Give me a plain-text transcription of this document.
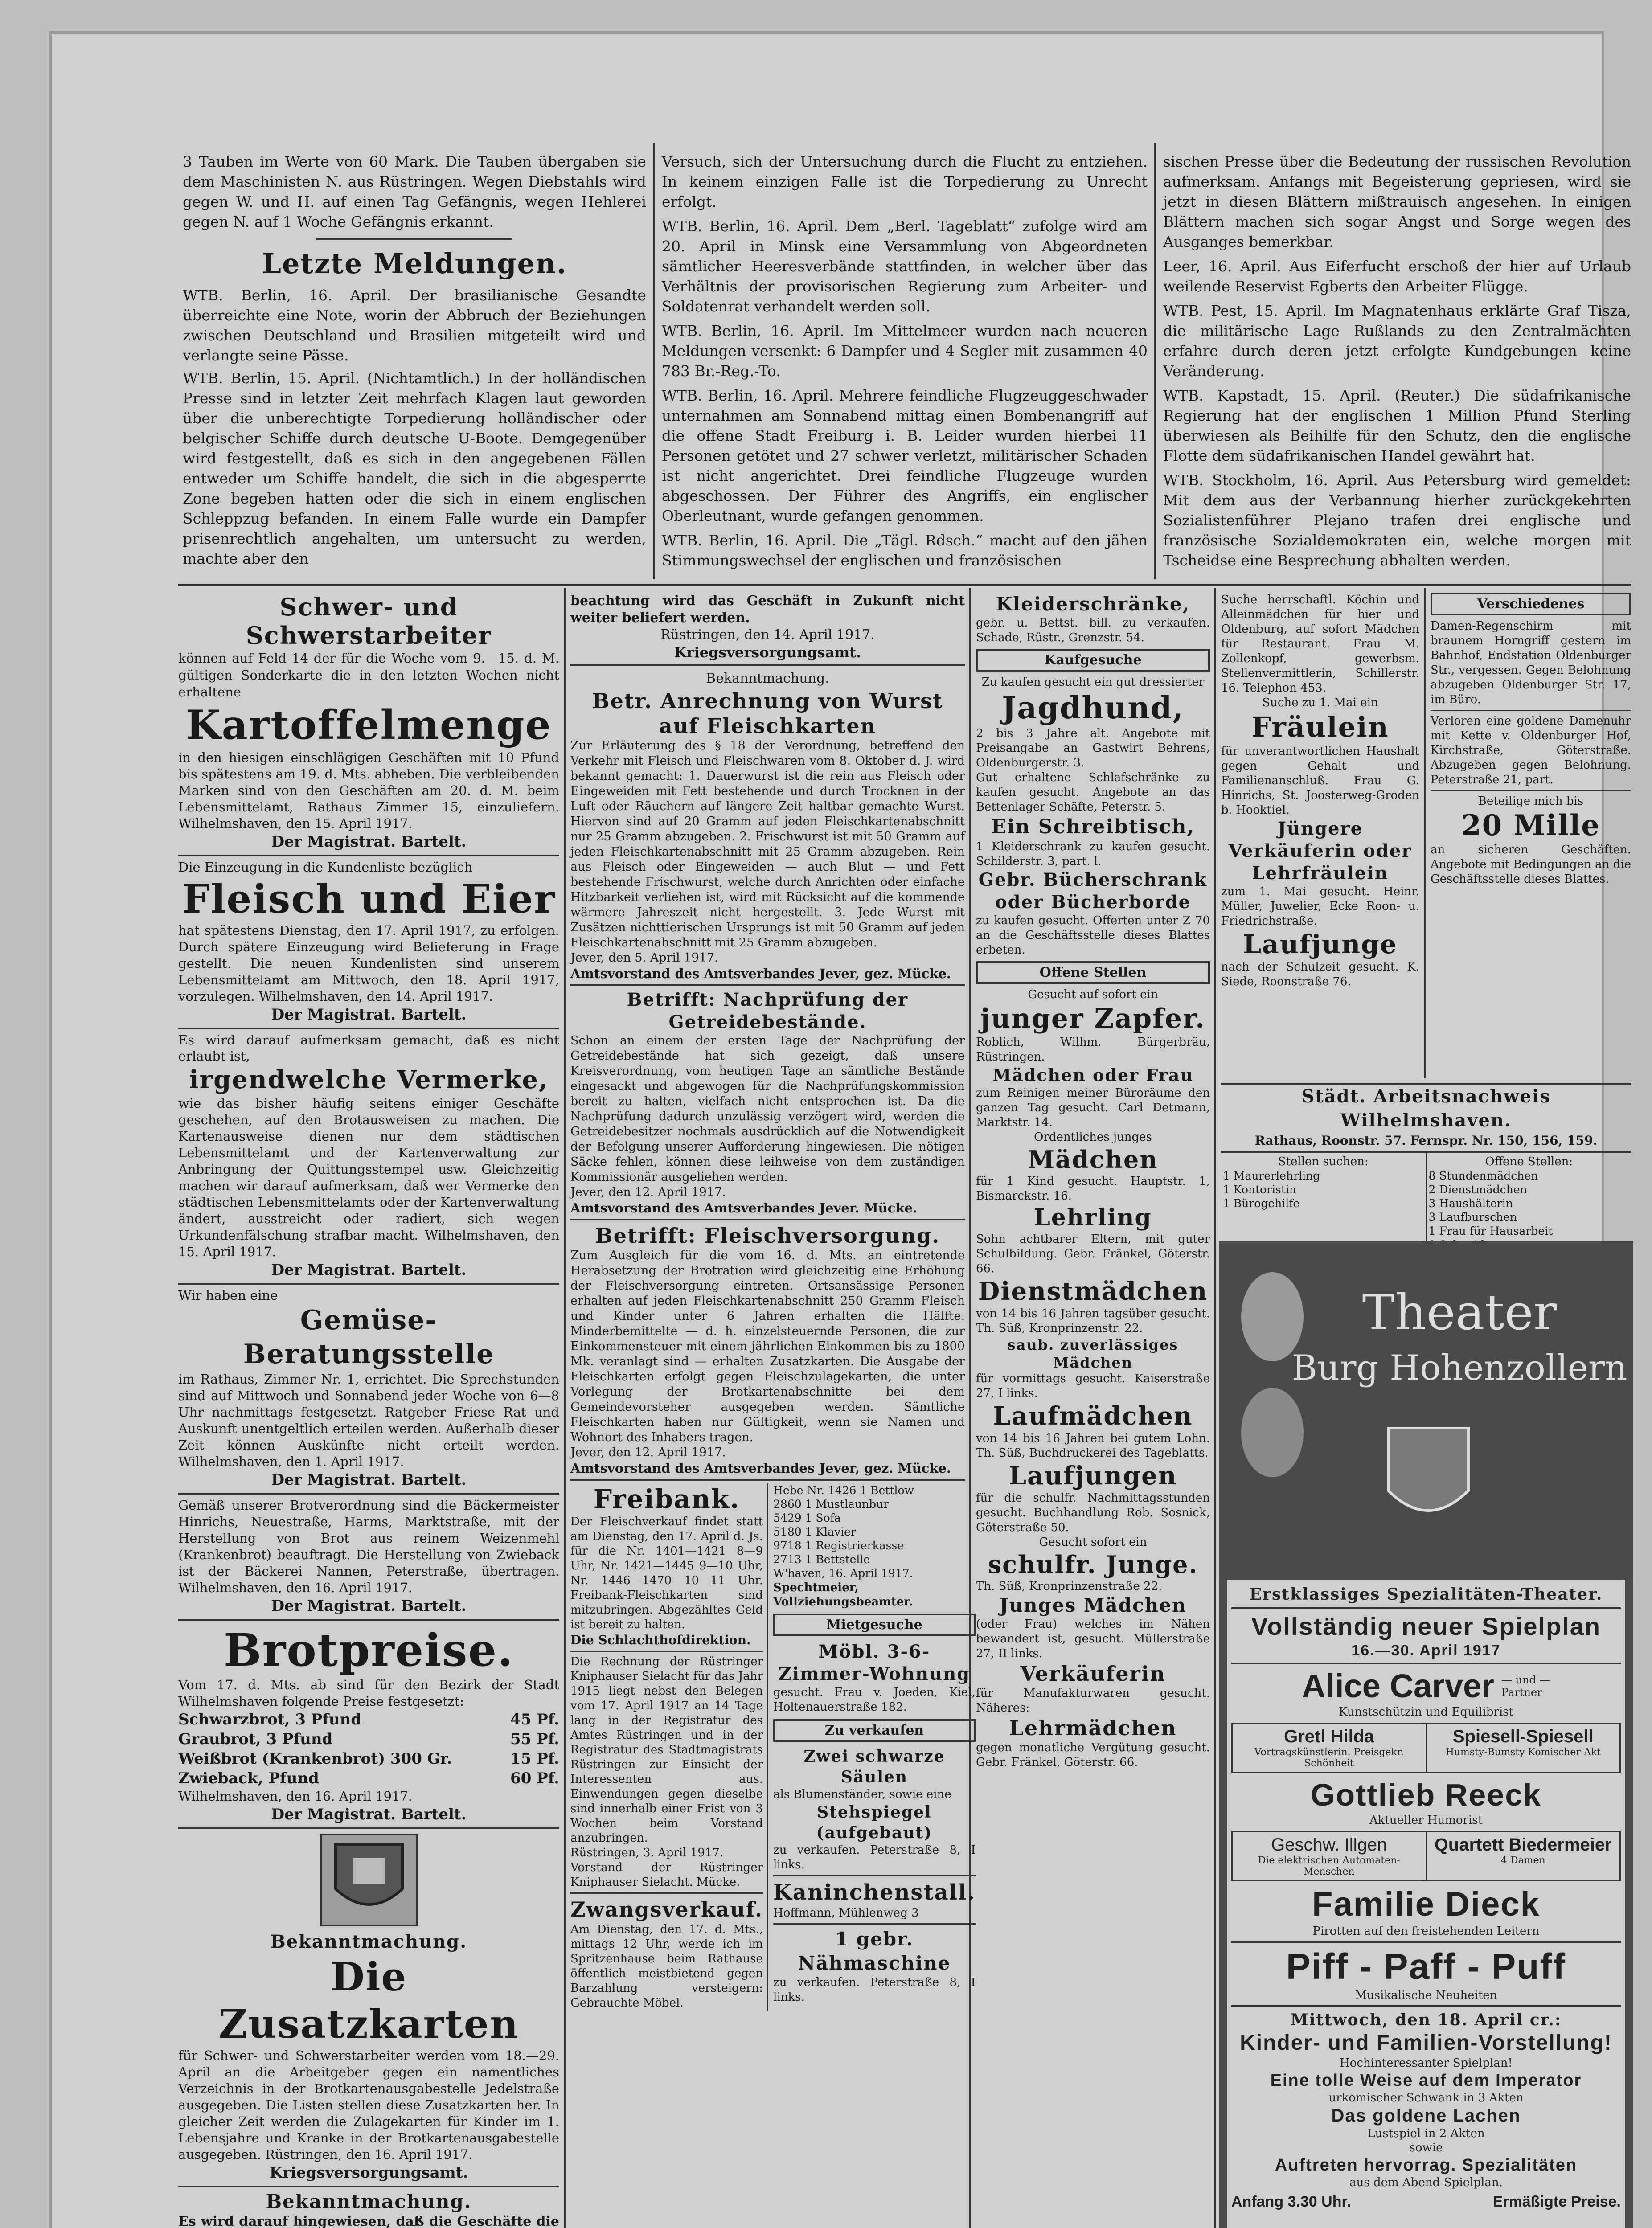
3 Tauben im Werte von 60 Mark. Die Tauben übergaben sie dem Maschinisten N. aus Rüstringen. Wegen Diebstahls wird gegen W. und H. auf einen Tag Gefängnis, wegen Hehlerei gegen N. auf 1 Woche Gefängnis erkannt.

Letzte Meldungen.

WTB. Berlin, 16. April. Der brasilianische Gesandte überreichte eine Note, worin der Abbruch der Beziehungen zwischen Deutschland und Brasilien mitgeteilt wird und verlangte seine Pässe.

WTB. Berlin, 15. April. (Nichtamtlich.) In der holländischen Presse sind in letzter Zeit mehrfach Klagen laut geworden über die unberechtigte Torpedierung holländischer oder belgischer Schiffe durch deutsche U-Boote. Demgegenüber wird festgestellt, daß es sich in den angegebenen Fällen entweder um Schiffe handelt, die sich in die abgesperrte Zone begeben hatten oder die sich in einem englischen Schleppzug befanden. In einem Falle wurde ein Dampfer prisenrechtlich angehalten, um untersucht zu werden, machte aber den

Versuch, sich der Untersuchung durch die Flucht zu entziehen. In keinem einzigen Falle ist die Torpedierung zu Unrecht erfolgt.

WTB. Berlin, 16. April. Dem „Berl. Tageblatt“ zufolge wird am 20. April in Minsk eine Versammlung von Abgeordneten sämtlicher Heeresverbände stattfinden, in welcher über das Verhältnis der provisorischen Regierung zum Arbeiter- und Soldatenrat verhandelt werden soll.

WTB. Berlin, 16. April. Im Mittelmeer wurden nach neueren Meldungen versenkt: 6 Dampfer und 4 Segler mit zusammen 40 783 Br.-Reg.-To.

WTB. Berlin, 16. April. Mehrere feindliche Flugzeuggeschwader unternahmen am Sonnabend mittag einen Bombenangriff auf die offene Stadt Freiburg i. B. Leider wurden hierbei 11 Personen getötet und 27 schwer verletzt, militärischer Schaden ist nicht angerichtet. Drei feindliche Flugzeuge wurden abgeschossen. Der Führer des Angriffs, ein englischer Oberleutnant, wurde gefangen genommen.

WTB. Berlin, 16. April. Die „Tägl. Rdsch.“ macht auf den jähen Stimmungswechsel der englischen und französischen

sischen Presse über die Bedeutung der russischen Revolution aufmerksam. Anfangs mit Begeisterung gepriesen, wird sie jetzt in diesen Blättern mißtrauisch angesehen. In einigen Blättern machen sich sogar Angst und Sorge wegen des Ausganges bemerkbar.

Leer, 16. April. Aus Eiferfucht erschoß der hier auf Urlaub weilende Reservist Egberts den Arbeiter Flügge.

WTB. Pest, 15. April. Im Magnatenhaus erklärte Graf Tisza, die militärische Lage Rußlands zu den Zentralmächten erfahre durch deren jetzt erfolgte Kundgebungen keine Veränderung.

WTB. Kapstadt, 15. April. (Reuter.) Die südafrikanische Regierung hat der englischen 1 Million Pfund Sterling überwiesen als Beihilfe für den Schutz, den die englische Flotte dem südafrikanischen Handel gewährt hat.

WTB. Stockholm, 16. April. Aus Petersburg wird gemeldet: Mit dem aus der Verbannung hierher zurückgekehrten Sozialistenführer Plejano trafen drei englische und französische Sozialdemokraten ein, welche morgen mit Tscheidse eine Besprechung abhalten werden.

Schwer- und Schwerstarbeiter

können auf Feld 14 der für die Woche vom 9.—15. d. M. gültigen Sonderkarte die in den letzten Wochen nicht erhaltene

Kartoffelmenge

in den hiesigen einschlägigen Geschäften mit 10 Pfund bis spätestens am 19. d. Mts. abheben. Die verbleibenden Marken sind von den Geschäften am 20. d. M. beim Lebensmittelamt, Rathaus Zimmer 15, einzuliefern. Wilhelmshaven, den 15. April 1917.

Der Magistrat. Bartelt.

Die Einzeugung in die Kundenliste bezüglich

Fleisch und Eier

hat spätestens Dienstag, den 17. April 1917, zu erfolgen. Durch spätere Einzeugung wird Belieferung in Frage gestellt. Die neuen Kundenlisten sind unserem Lebensmittelamt am Mittwoch, den 18. April 1917, vorzulegen. Wilhelmshaven, den 14. April 1917.

Der Magistrat. Bartelt.

Es wird darauf aufmerksam gemacht, daß es nicht erlaubt ist,

irgendwelche Vermerke,

wie das bisher häufig seitens einiger Geschäfte geschehen, auf den Brotausweisen zu machen. Die Kartenausweise dienen nur dem städtischen Lebensmittelamt und der Kartenverwaltung zur Anbringung der Quittungsstempel usw. Gleichzeitig machen wir darauf aufmerksam, daß wer Vermerke den städtischen Lebensmittelamts oder der Kartenverwaltung ändert, ausstreicht oder radiert, sich wegen Urkundenfälschung strafbar macht. Wilhelmshaven, den 15. April 1917.

Der Magistrat. Bartelt.

Wir haben eine

Gemüse-Beratungsstelle

im Rathaus, Zimmer Nr. 1, errichtet. Die Sprechstunden sind auf Mittwoch und Sonnabend jeder Woche von 6—8 Uhr nachmittags festgesetzt. Ratgeber Friese Rat und Auskunft unentgeltlich erteilen werden. Außerhalb dieser Zeit können Auskünfte nicht erteilt werden. Wilhelmshaven, den 1. April 1917.

Der Magistrat. Bartelt.

Gemäß unserer Brotverordnung sind die Bäckermeister Hinrichs, Neuestraße, Harms, Marktstraße, mit der Herstellung von Brot aus reinem Weizenmehl (Krankenbrot) beauftragt. Die Herstellung von Zwieback ist der Bäckerei Nannen, Peterstraße, übertragen. Wilhelmshaven, den 16. April 1917.

Der Magistrat. Bartelt.

Brotpreise.

Vom 17. d. Mts. ab sind für den Bezirk der Stadt Wilhelmshaven folgende Preise festgesetzt:

Schwarzbrot, 3 Pfund	45 Pf.
Graubrot, 3 Pfund	55 Pf.
Weißbrot (Krankenbrot) 300 Gr.	15 Pf.
Zwieback, Pfund	60 Pf.

Wilhelmshaven, den 16. April 1917.

Der Magistrat. Bartelt.

Bekanntmachung.

Die Zusatzkarten

für Schwer- und Schwerstarbeiter werden vom 18.—29. April an die Arbeitgeber gegen ein namentliches Verzeichnis in der Brotkartenausgabestelle Jedelstraße ausgegeben. Die Listen stellen diese Zusatzkarten her. In gleicher Zeit werden die Zulagekarten für Kinder im 1. Lebensjahre und Kranke in der Brotkartenausgabestelle ausgegeben. Rüstringen, den 16. April 1917.

Kriegsversorgungsamt.

Bekanntmachung.

Es wird darauf hingewiesen, daß die Geschäfte die

beachtung wird das Geschäft in Zukunft nicht weiter beliefert werden.

Rüstringen, den 14. April 1917.

Kriegsversorgungsamt.

Bekanntmachung.

Betr. Anrechnung von Wurst auf Fleischkarten

Zur Erläuterung des § 18 der Verordnung, betreffend den Verkehr mit Fleisch und Fleischwaren vom 8. Oktober d. J. wird bekannt gemacht: 1. Dauerwurst ist die rein aus Fleisch oder Eingeweiden mit Fett bestehende und durch Trocknen in der Luft oder Räuchern auf längere Zeit haltbar gemachte Wurst. Hiervon sind auf 20 Gramm auf jeden Fleischkartenabschnitt nur 25 Gramm abzugeben. 2. Frischwurst ist mit 50 Gramm auf jeden Fleischkartenabschnitt mit 25 Gramm abzugeben. Rein aus Fleisch oder Eingeweiden — auch Blut — und Fett bestehende Frischwurst, welche durch Anrichten oder einfache Hitzbarkeit verliehen ist, wird mit Rücksicht auf die kommende wärmere Jahreszeit nicht hergestellt. 3. Jede Wurst mit Zusätzen nichttierischen Ursprungs ist mit 50 Gramm auf jeden Fleischkartenabschnitt mit 25 Gramm abzugeben.

Jever, den 5. April 1917.

Amtsvorstand des Amtsverbandes Jever, gez. Mücke.

Betrifft: Nachprüfung der Getreidebestände.

Schon an einem der ersten Tage der Nachprüfung der Getreidebestände hat sich gezeigt, daß unsere Kreisverordnung, vom heutigen Tage an sämtliche Bestände eingesackt und abgewogen für die Nachprüfungskommission bereit zu halten, vielfach nicht entsprochen ist. Da die Nachprüfung dadurch unzulässig verzögert wird, werden die Getreidebesitzer nochmals ausdrücklich auf die Notwendigkeit der Befolgung unserer Aufforderung hingewiesen. Die nötigen Säcke fehlen, können diese leihweise von dem zuständigen Kommissionär ausgeliehen werden.

Jever, den 12. April 1917.

Amtsvorstand des Amtsverbandes Jever. Mücke.

Betrifft: Fleischversorgung.

Zum Ausgleich für die vom 16. d. Mts. an eintretende Herabsetzung der Brotration wird gleichzeitig eine Erhöhung der Fleischversorgung eintreten. Ortsansässige Personen erhalten auf jeden Fleischkartenabschnitt 250 Gramm Fleisch und Kinder unter 6 Jahren erhalten die Hälfte. Minderbemittelte — d. h. einzelsteuernde Personen, die zur Einkommensteuer mit einem jährlichen Einkommen bis zu 1800 Mk. veranlagt sind — erhalten Zusatzkarten. Die Ausgabe der Fleischkarten erfolgt gegen Fleischzulagekarten, die unter Vorlegung der Brotkartenabschnitte bei dem Gemeindevorsteher ausgegeben werden. Sämtliche Fleischkarten haben nur Gültigkeit, wenn sie Namen und Wohnort des Inhabers tragen.

Jever, den 12. April 1917.

Amtsvorstand des Amtsverbandes Jever, gez. Mücke.

Freibank.

Der Fleischverkauf findet statt am Dienstag, den 17. April d. Js. für die Nr. 1401—1421 8—9 Uhr, Nr. 1421—1445 9—10 Uhr, Nr. 1446—1470 10—11 Uhr. Freibank-Fleischkarten sind mitzubringen. Abgezähltes Geld ist bereit zu halten.

Die Schlachthofdirektion.

Die Rechnung der Rüstringer Kniphauser Sielacht für das Jahr 1915 liegt nebst den Belegen vom 17. April 1917 an 14 Tage lang in der Registratur des Amtes Rüstringen und in der Registratur des Stadtmagistrats Rüstringen zur Einsicht der Interessenten aus. Einwendungen gegen dieselbe sind innerhalb einer Frist von 3 Wochen beim Vorstand anzubringen.

Rüstringen, 3. April 1917.

Vorstand der Rüstringer Kniphauser Sielacht. Mücke.

Zwangsverkauf.

Am Dienstag, den 17. d. Mts., mittags 12 Uhr, werde ich im Spritzenhause beim Rathause öffentlich meistbietend gegen Barzahlung versteigern: Gebrauchte Möbel.

Hebe-Nr. 1426 1 Bettlow
2860 1 Mustlaunbur
5429 1 Sofa
5180 1 Klavier
9718 1 Registrierkasse
2713 1 Bettstelle

W'haven, 16. April 1917.

Spechtmeier, Vollziehungsbeamter.

Mietgesuche

Möbl. 3-6-Zimmer-Wohnung

gesucht. Frau v. Joeden, Kiel, Holtenauerstraße 182.

Zu verkaufen

Zwei schwarze Säulen

als Blumenständer, sowie eine

Stehspiegel (aufgebaut)

zu verkaufen. Peterstraße 8, I links.

Kaninchenstall.

Hoffmann, Mühlenweg 3

1 gebr. Nähmaschine

zu verkaufen. Peterstraße 8, I links.

Kleiderschränke,

gebr. u. Bettst. bill. zu verkaufen. Schade, Rüstr., Grenzstr. 54.

Kaufgesuche

Zu kaufen gesucht ein gut dressierter

Jagdhund,

2 bis 3 Jahre alt. Angebote mit Preisangabe an Gastwirt Behrens, Oldenburgerstr. 3.

Gut erhaltene Schlafschränke zu kaufen gesucht. Angebote an das Bettenlager Schäfte, Peterstr. 5.

Ein Schreibtisch,

1 Kleiderschrank zu kaufen gesucht. Schilderstr. 3, part. l.

Gebr. Bücherschrank oder Bücherborde

zu kaufen gesucht. Offerten unter Z 70 an die Geschäftsstelle dieses Blattes erbeten.

Offene Stellen

Gesucht auf sofort ein

junger Zapfer.

Roblich, Wilhm. Bürgerbräu, Rüstringen.

Mädchen oder Frau

zum Reinigen meiner Büroräume den ganzen Tag gesucht. Carl Detmann, Marktstr. 14.

Ordentliches junges

Mädchen

für 1 Kind gesucht. Hauptstr. 1, Bismarckstr. 16.

Lehrling

Sohn achtbarer Eltern, mit guter Schulbildung. Gebr. Fränkel, Göterstr. 66.

Dienstmädchen

von 14 bis 16 Jahren tagsüber gesucht. Th. Süß, Kronprinzenstr. 22.

saub. zuverlässiges Mädchen

für vormittags gesucht. Kaiserstraße 27, I links.

Laufmädchen

von 14 bis 16 Jahren bei gutem Lohn. Th. Süß, Buchdruckerei des Tageblatts.

Laufjungen

für die schulfr. Nachmittagsstunden gesucht. Buchhandlung Rob. Sosnick, Göterstraße 50.

Gesucht sofort ein

schulfr. Junge.

Th. Süß, Kronprinzenstraße 22.

Junges Mädchen

(oder Frau) welches im Nähen bewandert ist, gesucht. Müllerstraße 27, II links.

Verkäuferin

für Manufakturwaren gesucht. Näheres:

Lehrmädchen

gegen monatliche Vergütung gesucht. Gebr. Fränkel, Göterstr. 66.

Suche herrschaftl. Köchin und Alleinmädchen für hier und Oldenburg, auf sofort Mädchen für Restaurant. Frau M. Zollenkopf, gewerbsm. Stellenvermittlerin, Schillerstr. 16. Telephon 453.

Suche zu 1. Mai ein

Fräulein

für unverantwortlichen Haushalt gegen Gehalt und Familienanschluß. Frau G. Hinrichs, St. Joosterweg-Groden b. Hooktiel.

Jüngere Verkäuferin oder Lehrfräulein

zum 1. Mai gesucht. Heinr. Müller, Juwelier, Ecke Roon- u. Friedrichstraße.

Laufjunge

nach der Schulzeit gesucht. K. Siede, Roonstraße 76.

Verschiedenes

Damen-Regenschirm mit braunem Horngriff gestern im Bahnhof, Endstation Oldenburger Str., vergessen. Gegen Belohnung abzugeben Oldenburger Str. 17, im Büro.

Verloren eine goldene Damenuhr mit Kette v. Oldenburger Hof, Kirchstraße, Göterstraße. Abzugeben gegen Belohnung. Peterstraße 21, part.

Beteilige mich bis

20 Mille

an sicheren Geschäften. Angebote mit Bedingungen an die Geschäftsstelle dieses Blattes.

Städt. Arbeitsnachweis Wilhelmshaven.

Rathaus, Roonstr. 57. Fernspr. Nr. 150, 156, 159.

Stellen suchen:

1 Maurerlehrling
1 Kontoristin
1 Bürogehilfe

Offene Stellen:

8 Stundenmädchen
2 Dienstmädchen
3 Haushälterin
3 Laufburschen
1 Frau für Hausarbeit
Theater
Burg Hohenzollern

Erstklassiges Spezialitäten-Theater.

Vollständig neuer Spielplan

16.—30. April 1917

Alice Carver — und — Partner

Kunstschützin und Equilibrist

Gretl Hilda
Vortragskünstlerin. Preisgekr. Schönheit
Spiesell-Spiesell
Humsty-Bumsty Komischer Akt

Gottlieb Reeck

Aktueller Humorist

Geschw. Illgen
Die elektrischen Automaten-Menschen
Quartett Biedermeier
4 Damen

Familie Dieck

Pirotten auf den freistehenden Leitern

Piff - Paff - Puff

Musikalische Neuheiten

Mittwoch, den 18. April cr.:

Kinder- und Familien-Vorstellung!

Hochinteressanter Spielplan!

Eine tolle Weise auf dem Imperator

urkomischer Schwank in 3 Akten

Das goldene Lachen

Lustspiel in 2 Akten

sowie

Auftreten hervorrag. Spezialitäten

aus dem Abend-Spielplan.

Anfang 3.30 Uhr.	Ermäßigte Preise.
